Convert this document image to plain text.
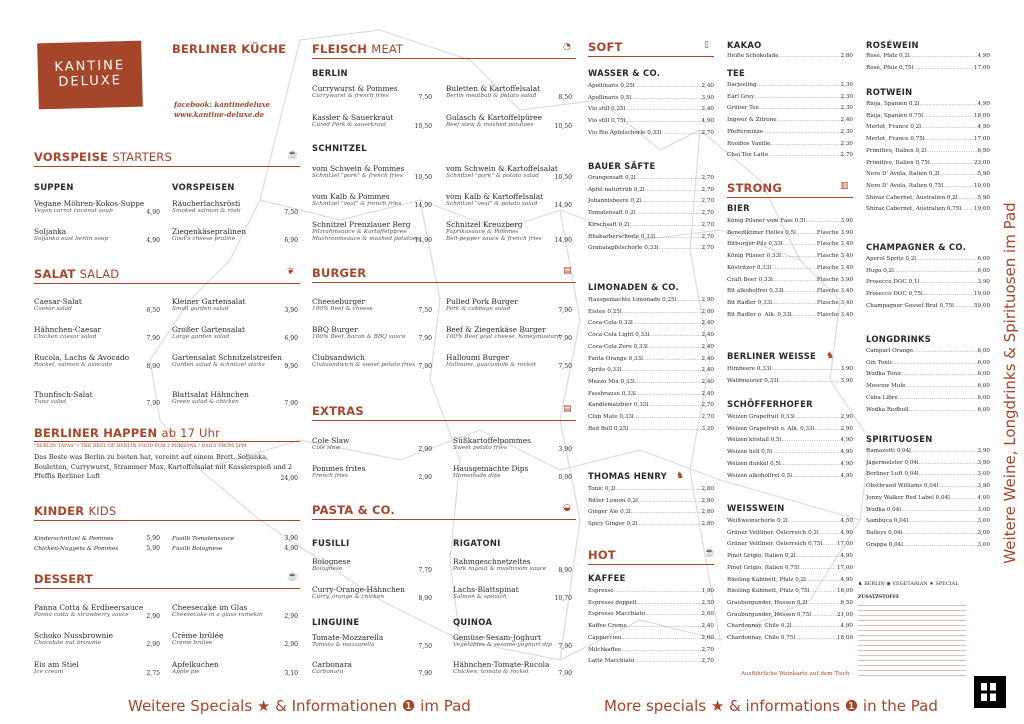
KANTINE
DELUXE
BERLINER KÜCHE
facebook: kantinedeluxe
www.kantine-deluxe.de
VORSPEISE STARTERS	☕
SUPPEN	VORSPEISEN
Vegane Möhren-Kokos-Suppe
Vegan carrot coconut soup	4,90
Soljanka
Soljanka east berlin soup	4,90
Räucherlachsrösti
Smoked salmon & rösti	7,50
Ziegenkäsepralinen
Goat's cheese praline	6,90
SALAT SALAD	❦
Caesar-Salat
Caesar salad	6,50
Hähnchen-Caesar
Chicken caesar salad	7,90
Rucola, Lachs & Avocado
Rocket, salmon & avocado	8,90
Thunfisch-Salat
Tuna salad	7,90
Kleiner Gartensalat
Small garden salad	3,90
Großer Gartensalat
Large garden salad	6,90
Gartensalat Schnitzelstreifen
Garden salad & schnitzel sticks	9,90
Blattsalat Hähnchen
Green salad & chicken	7,90
BERLINER HAPPEN ab 17 Uhr
"BERLIN TAPAS" / THE BEST OF BERLIN FOOD FOR 2 PERSONS / DAILY FROM 5PM
Das Beste was Berlin zu bieten hat, vereint auf einem Brett. Soljanka, Bouletten, Currywurst, Strammer Max, Kartoffelsalat mit Kasslerspieß und 2 Pfeffis Berliner Luft	24,00
KINDER KIDS
Kinderschnitzel & Pommes	5,90
Chicken-Nuggets & Pommes	5,90
Fusilli Tomatensauce	3,90
Fusilli Bolognese	4,90
DESSERT	☕
Panna Cotta & Erdbeersauce
Panna cotta & strawberry sauce	2,90
Schoko Nussbrownie
Chocolate nut brownie	2,90
Eis am Stiel
Ice cream	2,75
Cheesecake im Glas
Cheesecake in a glass ramekin	2,90
Crème brûlée
Crème brûlée	2,90
Apfelkuchen
Apple pie	3,10
FLEISCH MEAT	◔
BERLIN
Currywurst & Pommes
Currywurst & french fries	7,50
Kassler & Sauerkraut
Cured Pork & sauerkraut	10,50
Buletten & Kartoffelsalat
Berlin meatball & potato salad	8,50
Gulasch & Kartoffelpüree
Beef stew & mashed potatoes	10,50
SCHNITZEL
vom Schwein & Pommes
Schnitzel "pork" & french fries	10,50
vom Kalb & Pommes
Schnitzel "veal" & french fries	14,90
Schnitzel Prenzlauer Berg
Pilzrahmsauce & Kartoffelpüree
Mushroomsauce & mashed potatoes
14,90
vom Schwein & Kartoffelsalat
Schnitzel "pork" & potato salad	10,50
vom Kalb & Kartoffelsalat
Schnitzel "veal" & potato salad	14,90
Schnitzel Kreuzberg
Paprikasauce & Pommes
Bell-pepper sauce & french fries	14,90
BURGER	▤
Cheeseburger
100% Beef & cheese	7,50
BBQ Burger
100% Beef, bacon & BBQ sauce	7,90
Clubsandwich
Clubsandwich & sweet potato fries 7,90
Pulled Pork Burger
Pork & cabbage salad	7,90
Beef & Ziegenkäse Burger
100% Beef goat cheese, honeymustard
7,90
Halloumi Burger
Halloumi, guacamole & rocket	7,50
EXTRAS	▤
Cole Slaw
Cole slaw	2,90
Pommes frites
French fries	2,90
Süßkartoffelpommes
Sweet potato fries	3,90
Hausgemachte Dips
Homemade dips	0,90
PASTA & CO.	◒
FUSILLI	RIGATONI
Bolognese
Bolognese	7,70
Curry-Orange-Hähnchen
Curry, orange & chicken	8,90
LINGUINE	QUINOA
Tomate-Mozzarella
Tomato & mozzarella	7,50
Carbonara
Carbonara	7,90
Rahmgeschnetzeltes
Pork ragout & mushroom sauce	8,90
Lachs-Blattspinat
Salmon & spinach	10,70
Gemüse-Sesam-Joghurt
Vegetables & sesame-yoghurt dip	7,90
Hähnchen-Tomate-Rucola
Chicken, tomato & rocket	7,90
SOFT	▯
WASSER & CO.
Apollinaris 0,25l .....	2,40
Apollinaris 0,5l .....	3,90
Vio still 0,25l .....	2,40
Vio still 0,75l .....	4,90
Vio Bio Apfelschorle 0,33l .....	2,70
BAUER SÄFTE
Orangensaft 0,2l .....	2,70
Apfel naturtrüb 0,2l .....	2,70
Johannisbeere 0,2l .....	2,70
Tomatensaft 0,2l .....	2,70
Kirschsaft 0,2l .....	2,70
Rhabarberschorle 0,33l .....	2,70
Granatapfelschorle 0,33l .....	2,70
LIMONADEN & CO.
Hausgemachte Limonade 0,25l .....	2,90
Eistee 0,25l .....	2,00
Coca-Cola 0,33l .....	2,40
Coca-Cola Light 0,33l .....	2,40
Coca-Cola Zero 0,33l .....	2,40
Fanta Orange 0,33l .....	2,40
Sprite 0,33l .....	2,40
Mezzo Mix 0,33l .....	2,40
Fassbrause 0,33l .....	2,40
Kandismalzbier 0,33l .....	2,70
Club Mate 0,33l .....	2,70
Red Bull 0,25l .....	3,20
THOMAS HENRY ♞
Tonic 0,2l .....	2,80
Bitter Lemon 0,2l .....	2,80
Ginger Ale 0,2l .....	2,80
Spicy Ginger 0,2l .....	2,80
HOT	☕
KAFFEE
Espresso .....	1,90
Espresso doppelt .....	2,50
Espresso Macchiato .....	2,00
Kaffee Creme .....	2,40
Cappuccino .....	2,60
Milchkaffee .....	2,70
Latte Macchiato .....	2,70
KAKAO
Heiße Schokolade .....	2,80
TEE
Darjeeling .....	2,30
Earl Grey .....	2,30
Grüner Tee .....	2,30
Ingwer & Zitrone .....	2,40
Pfefferminze .....	2,30
Rooibos Vanille .....	2,30
Chai Tee Latte .....	2,70
STRONG	▥
BIER
König Pilsner vom Fass 0,5l .....	3,90
Benediktiner Helles 0,5l .....	Flasche 3,90
Bitburger Pils 0,33l .....	Flasche 3,40
König Pilsner 0,33l .....	Flasche 3,40
Köstritzer 0,33l .....	Flasche 3,40
Craft Beer 0,33l .....	Flasche 3,90
Bit alkoholfrei 0,33l .....	Flasche 3,40
Bit Radler 0,33l .....	Flasche 3,40
Bit Radler o. Alk. 0,33l .....	Flasche 3,40
BERLINER WEISSE ♞
Himbeere 0,33l .....	3,90
Waldmeister 0,33l .....	3,90
SCHÖFFERHOFER
Weizen Grapefruit 0,33l .....	2,90
Weizen Grapefruit o. Alk. 0,33l .....	2,90
Weizen kristall 0,5l .....	4,90
Weizen hell 0,5l .....	4,90
Weizen dunkel 0,5l .....	4,90
Weizen alkoholfrei 0,5l .....	4,90
WEISSWEIN
Weißweinschorle 0,2l .....	4,50
Grüner Veltliner, Österreich 0,2l .....	4,90
Grüner Veltliner, Österreich 0,75l .....	17,00
Pinot Grigio, Italien 0,2l .....	4,90
Pinot Grigio, Italien 0,75l .....	17,00
Riesling Kabinett, Pfalz 0,2l .....	4,90
Riesling Kabinett, Pfalz 0,75l .....	18,00
Grauburgunder, Hessen 0,2l .....	6,50
Grauburgunder, Hessen 0,75l .....	21,00
Chardonnay, Chile 0,2l .....	4,90
Chardonnay, Chile 0,75l .....	18,00
Ausführliche Weinkarte auf dem Tisch
ROSÉWEIN
Rosé, Pfalz 0,2l .....	4,90
Rosé, Pfalz 0,75l .....	17,00
ROTWEIN
Rioja, Spanien 0,2l .....	4,90
Rioja, Spanien 0,75l .....	18,00
Merlot, France 0,2l .....	4,90
Merlot, France 0,75l .....	17,00
Primitivo, Italien 0,2l .....	6,90
Primitivo, Italien 0,75l .....	23,00
Nero D' Avola, Italien 0,2l .....	5,90
Nero D' Avola, Italien 0,75l .....	19,00
Shiraz Cabernet, Australien 0,2l .....	5,90
Shiraz Cabernet, Australien 0,75l ..... 19,00
CHAMPAGNER & CO.
Aperol Spritz 0,2l .....	6,00
Hugo 0,2l .....	6,00
Prosecco DOC 0,1l .....	3,90
Prosecco DOC 0,75l .....	19,00
Champagner Gosset Brut 0,75l .....	59,00
LONGDRINKS
Campari Orange .....	6,00
Gin Tonic .....	6,00
Wodka Tonic .....	6,00
Moscow Mule .....	6,00
Cuba Libre .....	6,00
Wodka Redbull .....	6,00
SPIRITUOSEN
Ramazotti 0,04l .....	3,90
Jägermeister 0,04l .....	3,90
Berliner Luft 0,04l .....	3,00
Obstbrand Williams 0,04l .....	3,90
Jonny Walker Red Label 0,04l .....	4,00
Wodka 0,04l .....	3,00
Sambuca 0,04l .....	3,00
Baileys 0,04l .....	3,00
Grappa 0,04l .....	3,00
♞ BERLIN ◉ VEGETARIAN ★ SPECIAL
ZUSATZSTOFFE
Weitere Weine, Longdrinks & Spirituosen im Pad
Weitere Specials ★ & Informationen ❶ im Pad	More specials ★ & informations ❶ in the Pad
